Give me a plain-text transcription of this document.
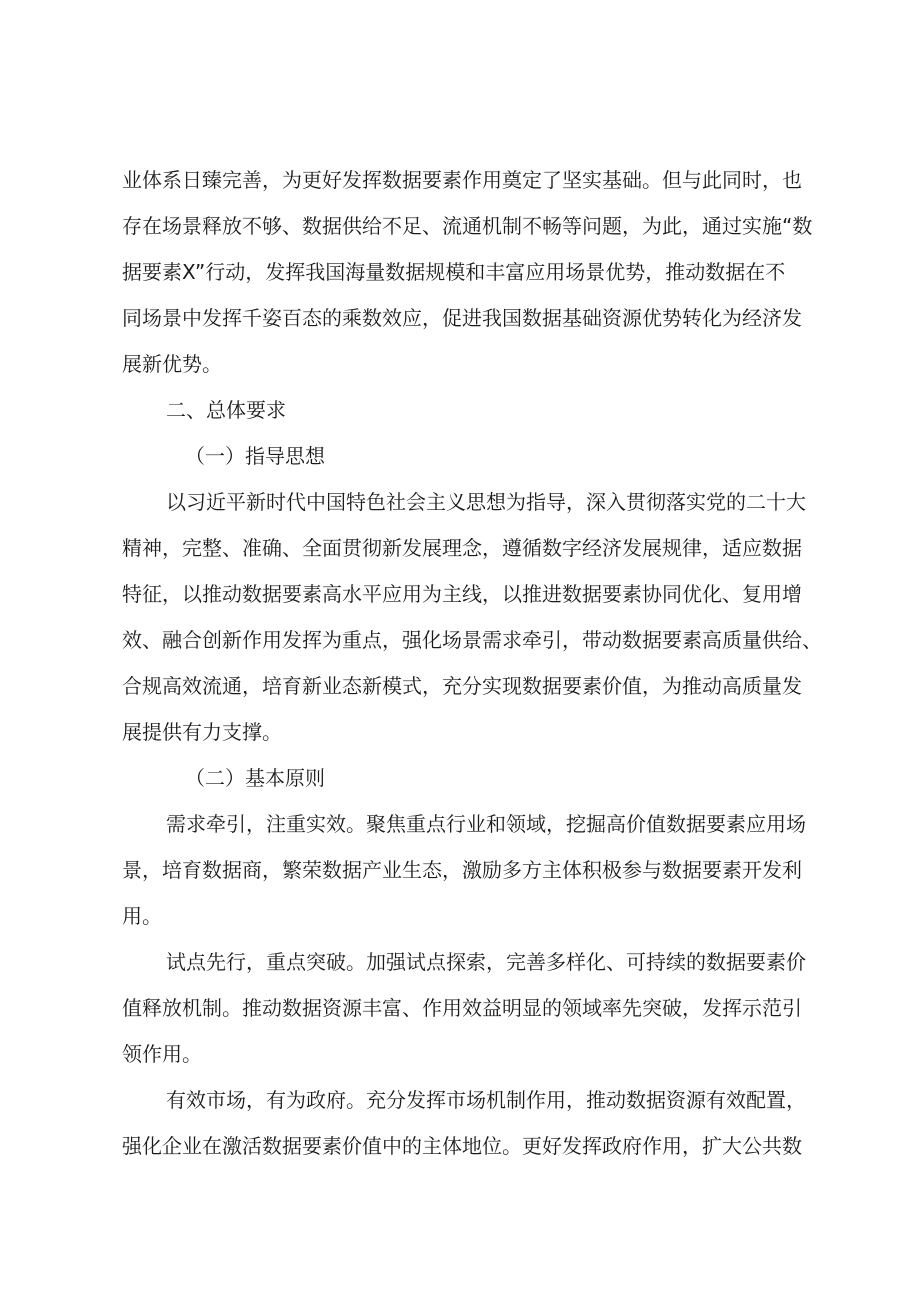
业体系日臻完善，为更好发挥数据要素作用奠定了坚实基础。但与此同时，也
存在场景释放不够、数据供给不足、流通机制不畅等问题，为此，通过实施“数
据要素X”行动，发挥我国海量数据规模和丰富应用场景优势，推动数据在不
同场景中发挥千姿百态的乘数效应，促进我国数据基础资源优势转化为经济发
展新优势。
二、总体要求
（一）指导思想
以习近平新时代中国特色社会主义思想为指导，深入贯彻落实党的二十大
精神，完整、准确、全面贯彻新发展理念，遵循数字经济发展规律，适应数据
特征，以推动数据要素高水平应用为主线，以推进数据要素协同优化、复用增
效、融合创新作用发挥为重点，强化场景需求牵引，带动数据要素高质量供给、
合规高效流通，培育新业态新模式，充分实现数据要素价值，为推动高质量发
展提供有力支撑。
（二）基本原则
需求牵引，注重实效。聚焦重点行业和领域，挖掘高价值数据要素应用场
景，培育数据商，繁荣数据产业生态，激励多方主体积极参与数据要素开发利
用。
试点先行，重点突破。加强试点探索，完善多样化、可持续的数据要素价
值释放机制。推动数据资源丰富、作用效益明显的领域率先突破，发挥示范引
领作用。
有效市场，有为政府。充分发挥市场机制作用，推动数据资源有效配置，
强化企业在激活数据要素价值中的主体地位。更好发挥政府作用，扩大公共数
